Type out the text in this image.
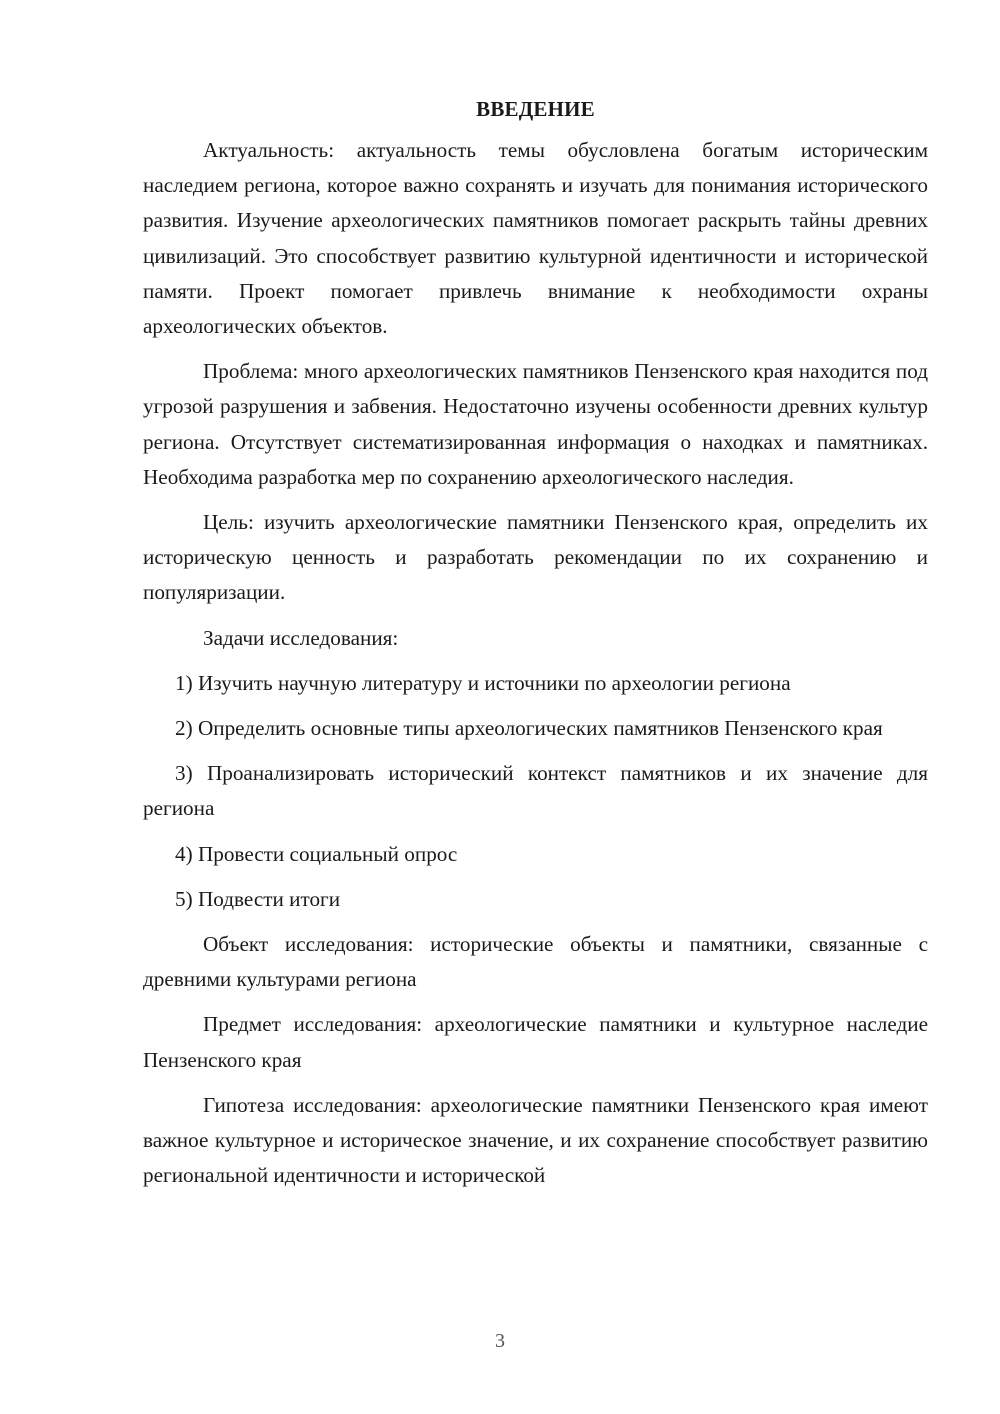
ВВЕДЕНИЕ

Актуальность: актуальность темы обусловлена богатым историческим наследием региона, которое важно сохранять и изучать для понимания исторического развития. Изучение археологических памятников помогает раскрыть тайны древних цивилизаций. Это способствует развитию культурной идентичности и исторической памяти. Проект помогает привлечь внимание к необходимости охраны археологических объектов.

Проблема: много археологических памятников Пензенского края находится под угрозой разрушения и забвения. Недостаточно изучены особенности древних культур региона. Отсутствует систематизированная информация о находках и памятниках. Необходима разработка мер по сохранению археологического наследия.

Цель: изучить археологические памятники Пензенского края, определить их историческую ценность и разработать рекомендации по их сохранению и популяризации.

Задачи исследования:

1) Изучить научную литературу и источники по археологии региона

2) Определить основные типы археологических памятников Пензенского края

3) Проанализировать исторический контекст памятников и их значение для региона

4) Провести социальный опрос

5) Подвести итоги

Объект исследования: исторические объекты и памятники, связанные с древними культурами региона

Предмет исследования: археологические памятники и культурное наследие Пензенского края

Гипотеза исследования: археологические памятники Пензенского края имеют важное культурное и историческое значение, и их сохранение способствует развитию региональной идентичности и исторической

3
